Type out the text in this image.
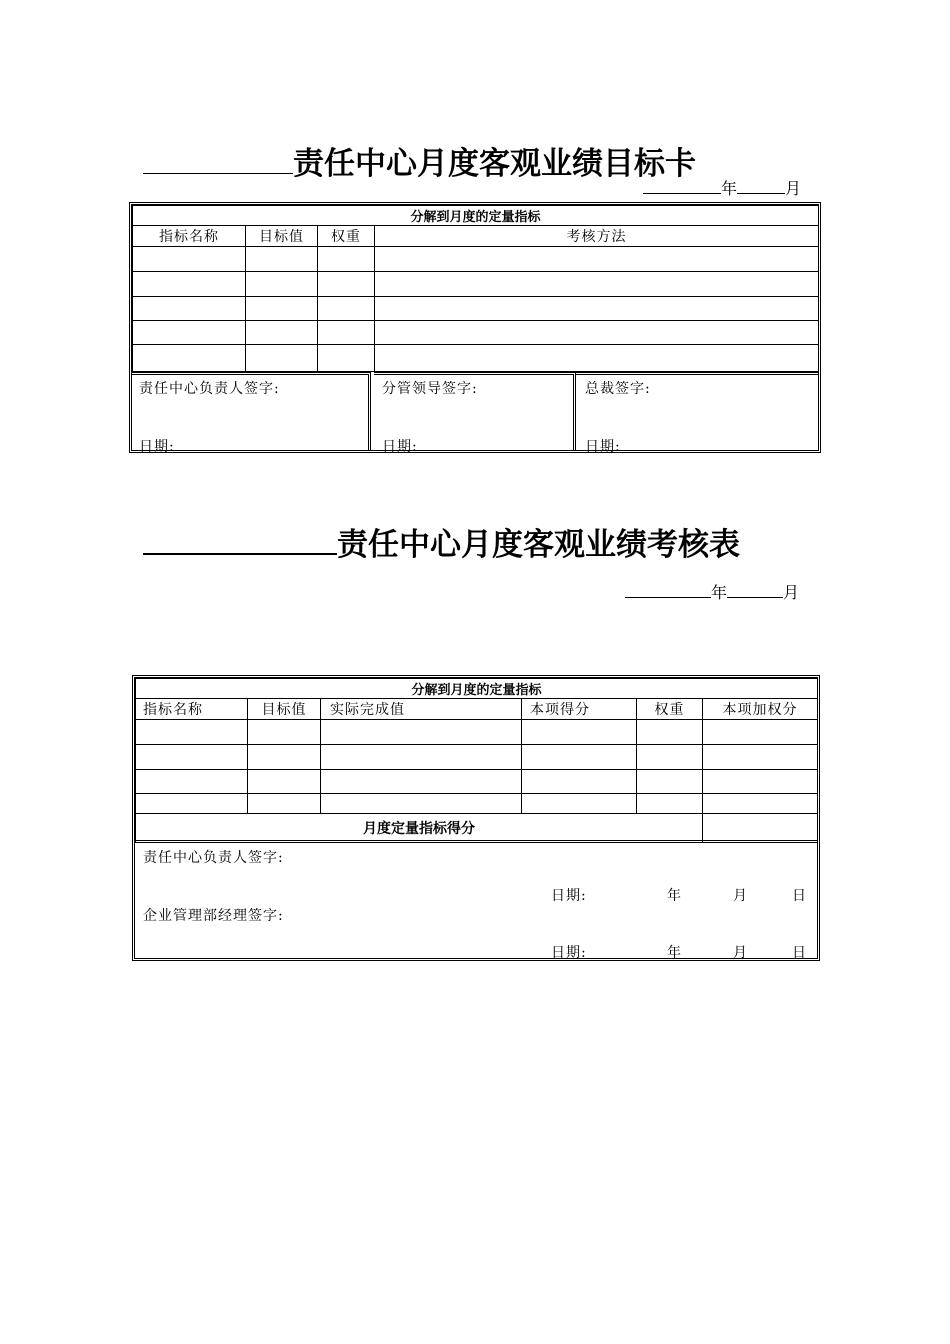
责任中心月度客观业绩目标卡
年	月
分解到月度的定量指标			
指标名称	目标值	权重	考核方法

责任中心负责人签字:
日期:
分管领导签字:
日期:
总裁签字:
日期:
责任中心月度客观业绩考核表
年	月
分解到月度的定量指标					
指标名称	目标值	实际完成值	本项得分	权重	本项加权分

月度定量指标得分					
责任中心负责人签字:
日期:	年	月	日
企业管理部经理签字:
日期:	年	月	日
